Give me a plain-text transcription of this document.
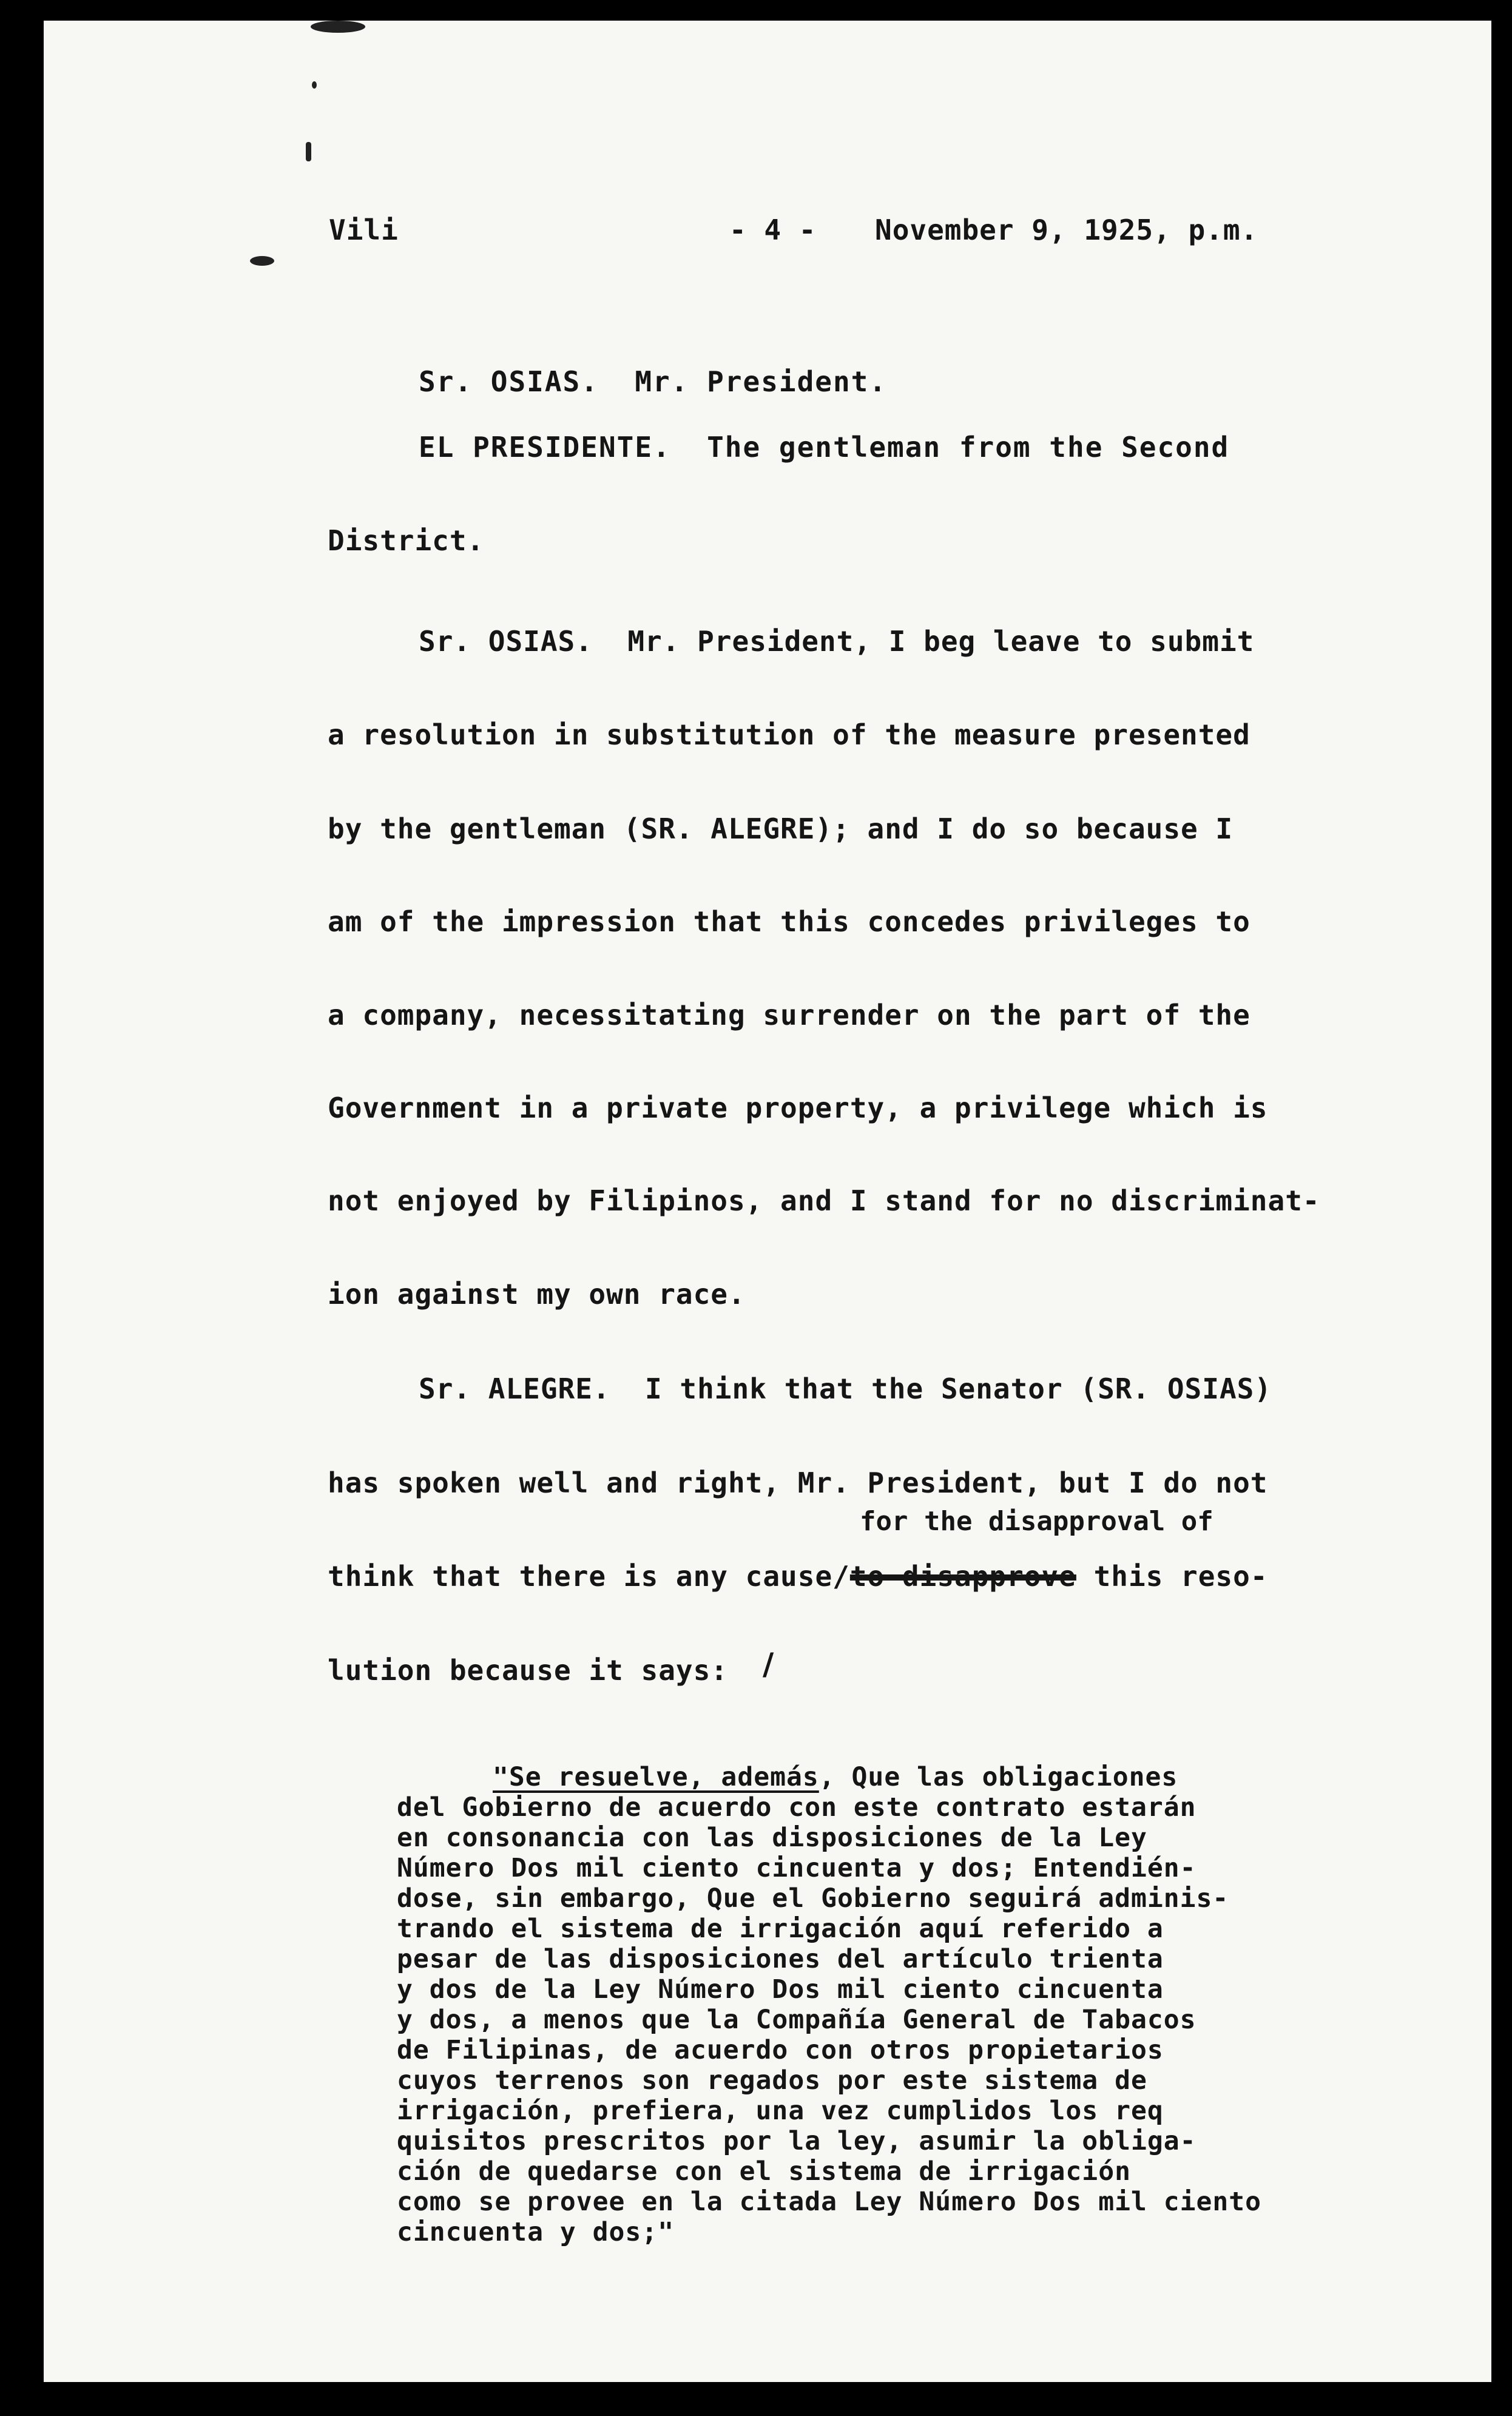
Vili	- 4 - November 9, 1925, p.m.
Sr. OSIAS.  Mr. President.
EL PRESIDENTE.  The gentleman from the Second
District.
Sr. OSIAS.  Mr. President, I beg leave to submit
a resolution in substitution of the measure presented
by the gentleman (SR. ALEGRE); and I do so because I
am of the impression that this concedes privileges to
a company, necessitating surrender on the part of the
Government in a private property, a privilege which is
not enjoyed by Filipinos, and I stand for no discriminat-
ion against my own race.
Sr. ALEGRE.  I think that the Senator (SR. OSIAS)
has spoken well and right, Mr. President, but I do not
for the disapproval of
think that there is any cause/to disapprove this reso-
lution because it says: /
"Se resuelve, además, Que las obligaciones
del Gobierno de acuerdo con este contrato estarán
en consonancia con las disposiciones de la Ley
Número Dos mil ciento cincuenta y dos; Entendién-
dose, sin embargo, Que el Gobierno seguirá adminis-
trando el sistema de irrigación aquí referido a
pesar de las disposiciones del artículo trienta
y dos de la Ley Número Dos mil ciento cincuenta
y dos, a menos que la Compañía General de Tabacos
de Filipinas, de acuerdo con otros propietarios
cuyos terrenos son regados por este sistema de
irrigación, prefiera, una vez cumplidos los req
quisitos prescritos por la ley, asumir la obliga-
ción de quedarse con el sistema de irrigación
como se provee en la citada Ley Número Dos mil ciento
cincuenta y dos;"
